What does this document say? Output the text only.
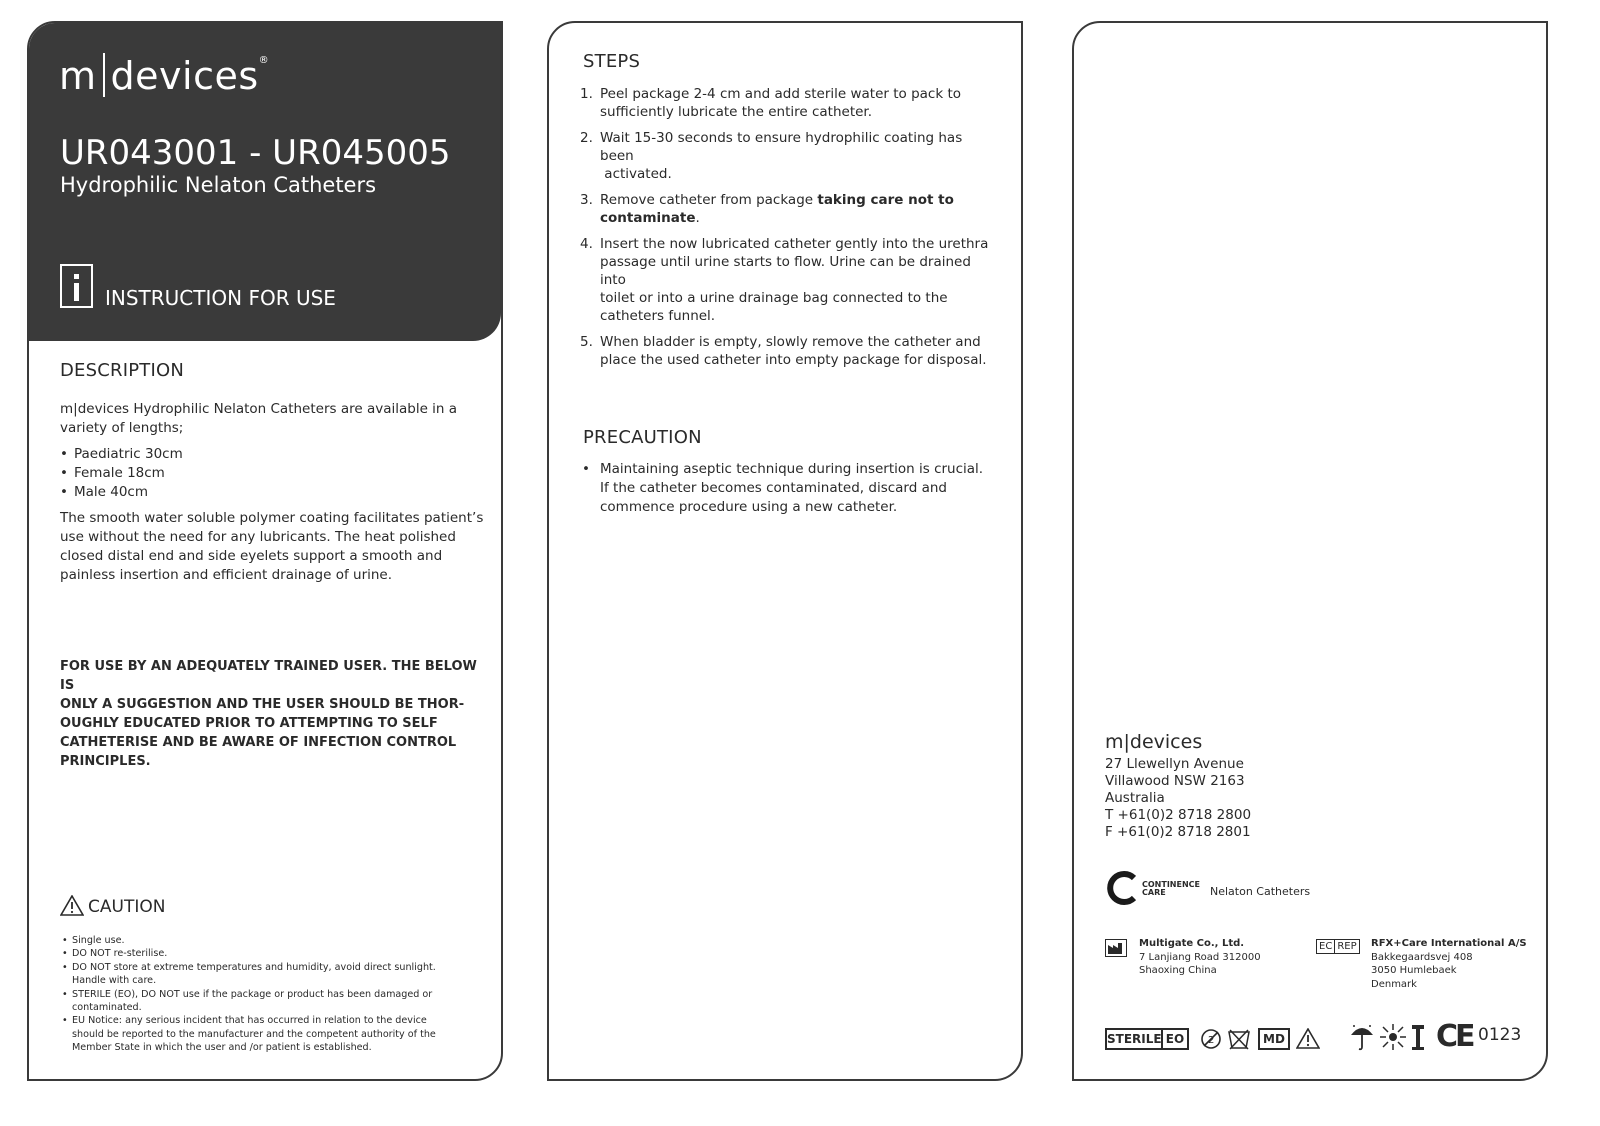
m devices®
UR043001 - UR045005
Hydrophilic Nelaton Catheters
INSTRUCTION FOR USE
DESCRIPTION
m|devices Hydrophilic Nelaton Catheters are available in a
variety of lengths;
• Paediatric 30cm
• Female 18cm
• Male 40cm
The smooth water soluble polymer coating facilitates patient’s
use without the need for any lubricants. The heat polished
closed distal end and side eyelets support a smooth and
painless insertion and efficient drainage of urine.
FOR USE BY AN ADEQUATELY TRAINED USER. THE BELOW IS
ONLY A SUGGESTION AND THE USER SHOULD BE THOR-
OUGHLY EDUCATED PRIOR TO ATTEMPTING TO SELF
CATHETERISE AND BE AWARE OF INFECTION CONTROL
PRINCIPLES.
CAUTION
• Single use.
• DO NOT re-sterilise.
• DO NOT store at extreme temperatures and humidity, avoid direct sunlight. Handle with care.
• STERILE (EO), DO NOT use if the package or product has been damaged or contaminated.
• EU Notice: any serious incident that has occurred in relation to the device should be reported to the manufacturer and the competent authority of the Member State in which the user and /or patient is established.
STEPS
1. Peel package 2-4 cm and add sterile water to pack to
sufficiently lubricate the entire catheter.
2. Wait 15-30 seconds to ensure hydrophilic coating has been
activated.
3. Remove catheter from package taking care not to
contaminate.
4. Insert the now lubricated catheter gently into the urethra
passage until urine starts to flow. Urine can be drained into
toilet or into a urine drainage bag connected to the
catheters funnel.
5. When bladder is empty, slowly remove the catheter and
place the used catheter into empty package for disposal.
PRECAUTION
• Maintaining aseptic technique during insertion is crucial.
If the catheter becomes contaminated, discard and
commence procedure using a new catheter.
m|devices
27 Llewellyn Avenue
Villawood NSW 2163
Australia
T +61(0)2 8718 2800
F +61(0)2 8718 2801
CONTINENCE
CARE	Nelaton Catheters
Multigate Co., Ltd.
7 Lanjiang Road 312000
Shaoxing China
EC REP	RFX+Care International A/S
Bakkegaardsvej 408
3050 Humlebaek
Denmark
STERILE EO	2	MD	CE 0123
